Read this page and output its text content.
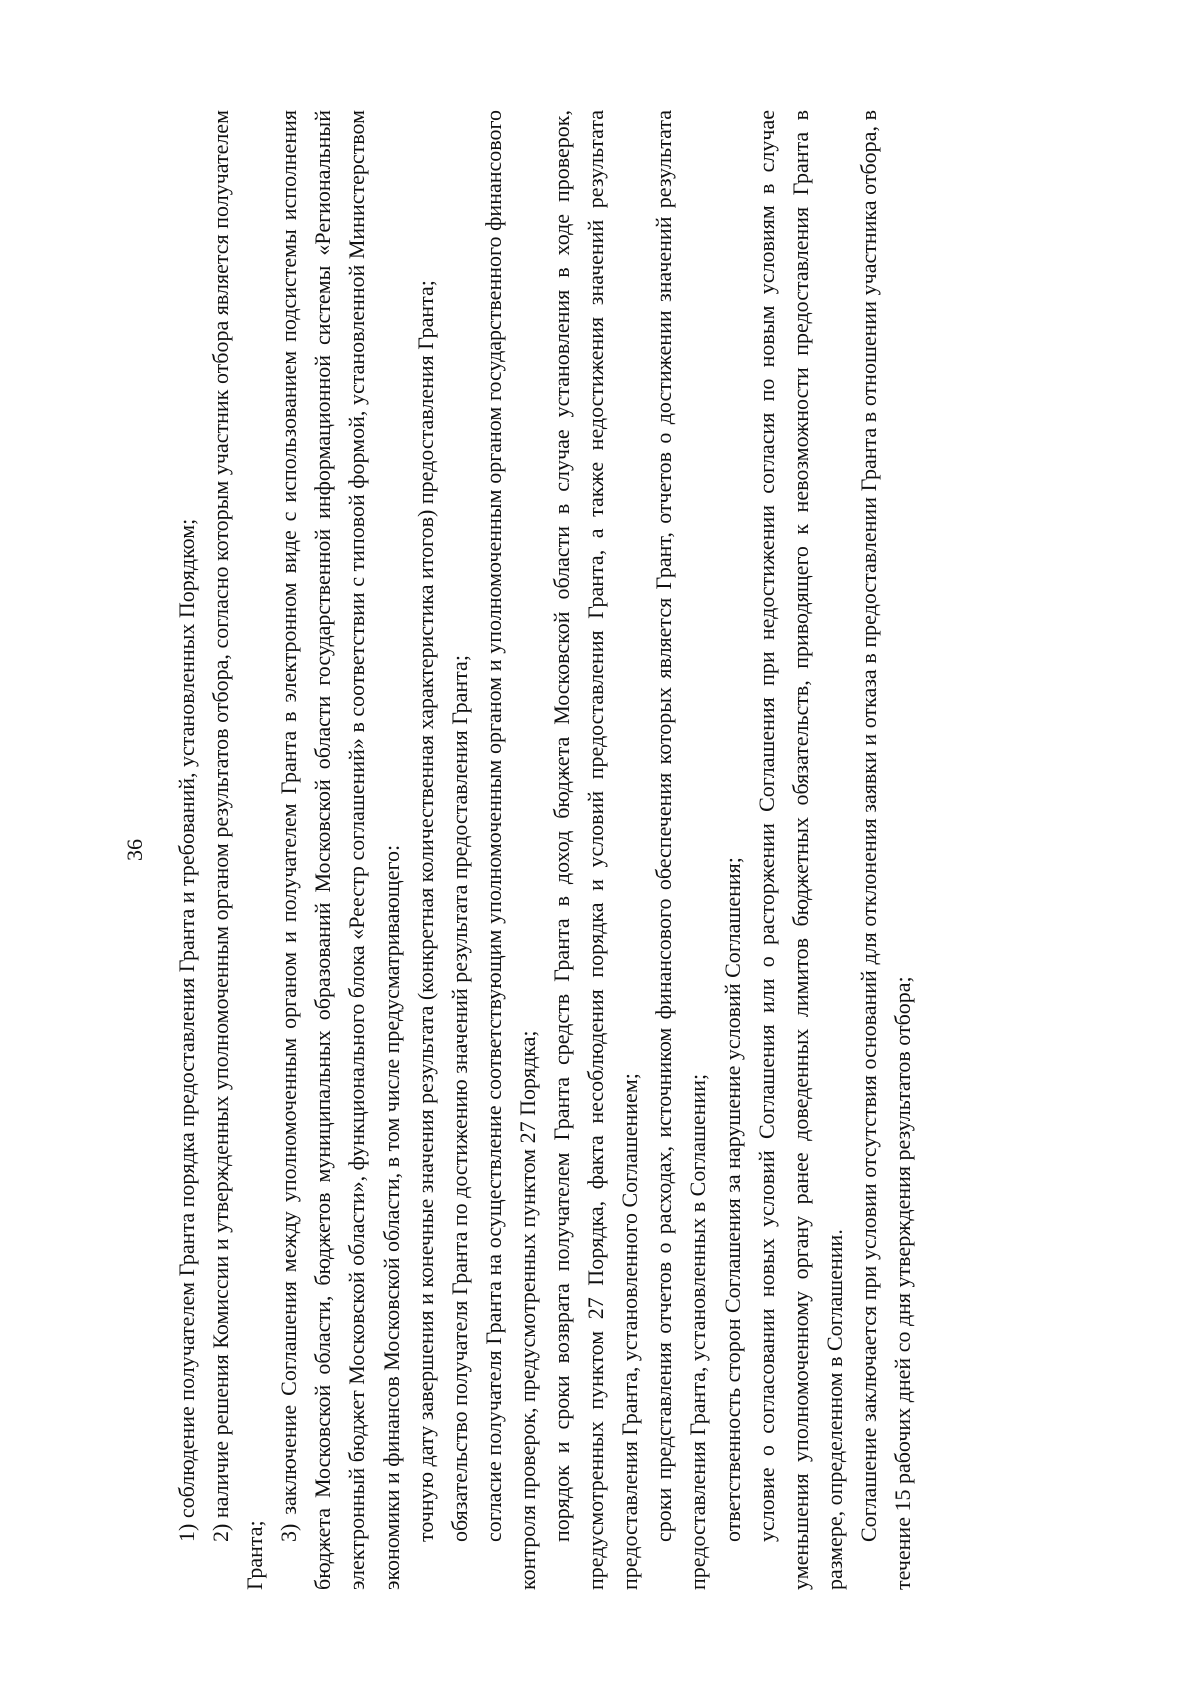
36 1) соблюдение получателем Гранта порядка предоставления Гранта и требований, установленных Порядком; 2) наличие решения Комиссии и утвержденных уполномоченным органом результатов отбора, согласно которым участник отбора является получателем Гранта;

3) заключение Соглашения между уполномоченным органом и получателем Гранта в электронном виде с использованием подсистемы исполнения бюджета Московской области, бюджетов муниципальных образований Московской области государственной информационной системы «Региональный электронный бюджет Московской области», функционального блока «Реестр соглашений» в соответствии с типовой формой, установленной Министерством экономики и финансов Московской области, в том числе предусматривающего: точную дату завершения и конечные значения результата (конкретная количественная характеристика итогов) предоставления Гранта; обязательство получателя Гранта по достижению значений результата предоставления Гранта; согласие получателя Гранта на осуществление соответствующим уполномоченным органом и уполномоченным органом государственного финансового контроля проверок, предусмотренных пунктом 27 Порядка; порядок и сроки возврата получателем Гранта средств Гранта в доход бюджета Московской области в случае установления в ходе проверок, предусмотренных пунктом 27 Порядка, факта несоблюдения порядка и условий предоставления Гранта, а также недостижения значений результата предоставления Гранта, установленного Соглашением; сроки представления отчетов о расходах, источником финансового обеспечения которых является Грант, отчетов о достижении значений результата предоставления Гранта, установленных в Соглашении; ответственность сторон Соглашения за нарушение условий Соглашения; условие о согласовании новых условий Соглашения или о расторжении Соглашения при недостижении согласия по новым условиям в случае уменьшения уполномоченному органу ранее доведенных лимитов бюджетных обязательств, приводящего к невозможности предоставления Гранта в размере, определенном в Соглашении. Соглашение заключается при условии отсутствия оснований для отклонения заявки и отказа в предоставлении Гранта в отношении участника отбора, в течение 15 рабочих дней со дня утверждения результатов отбора;
